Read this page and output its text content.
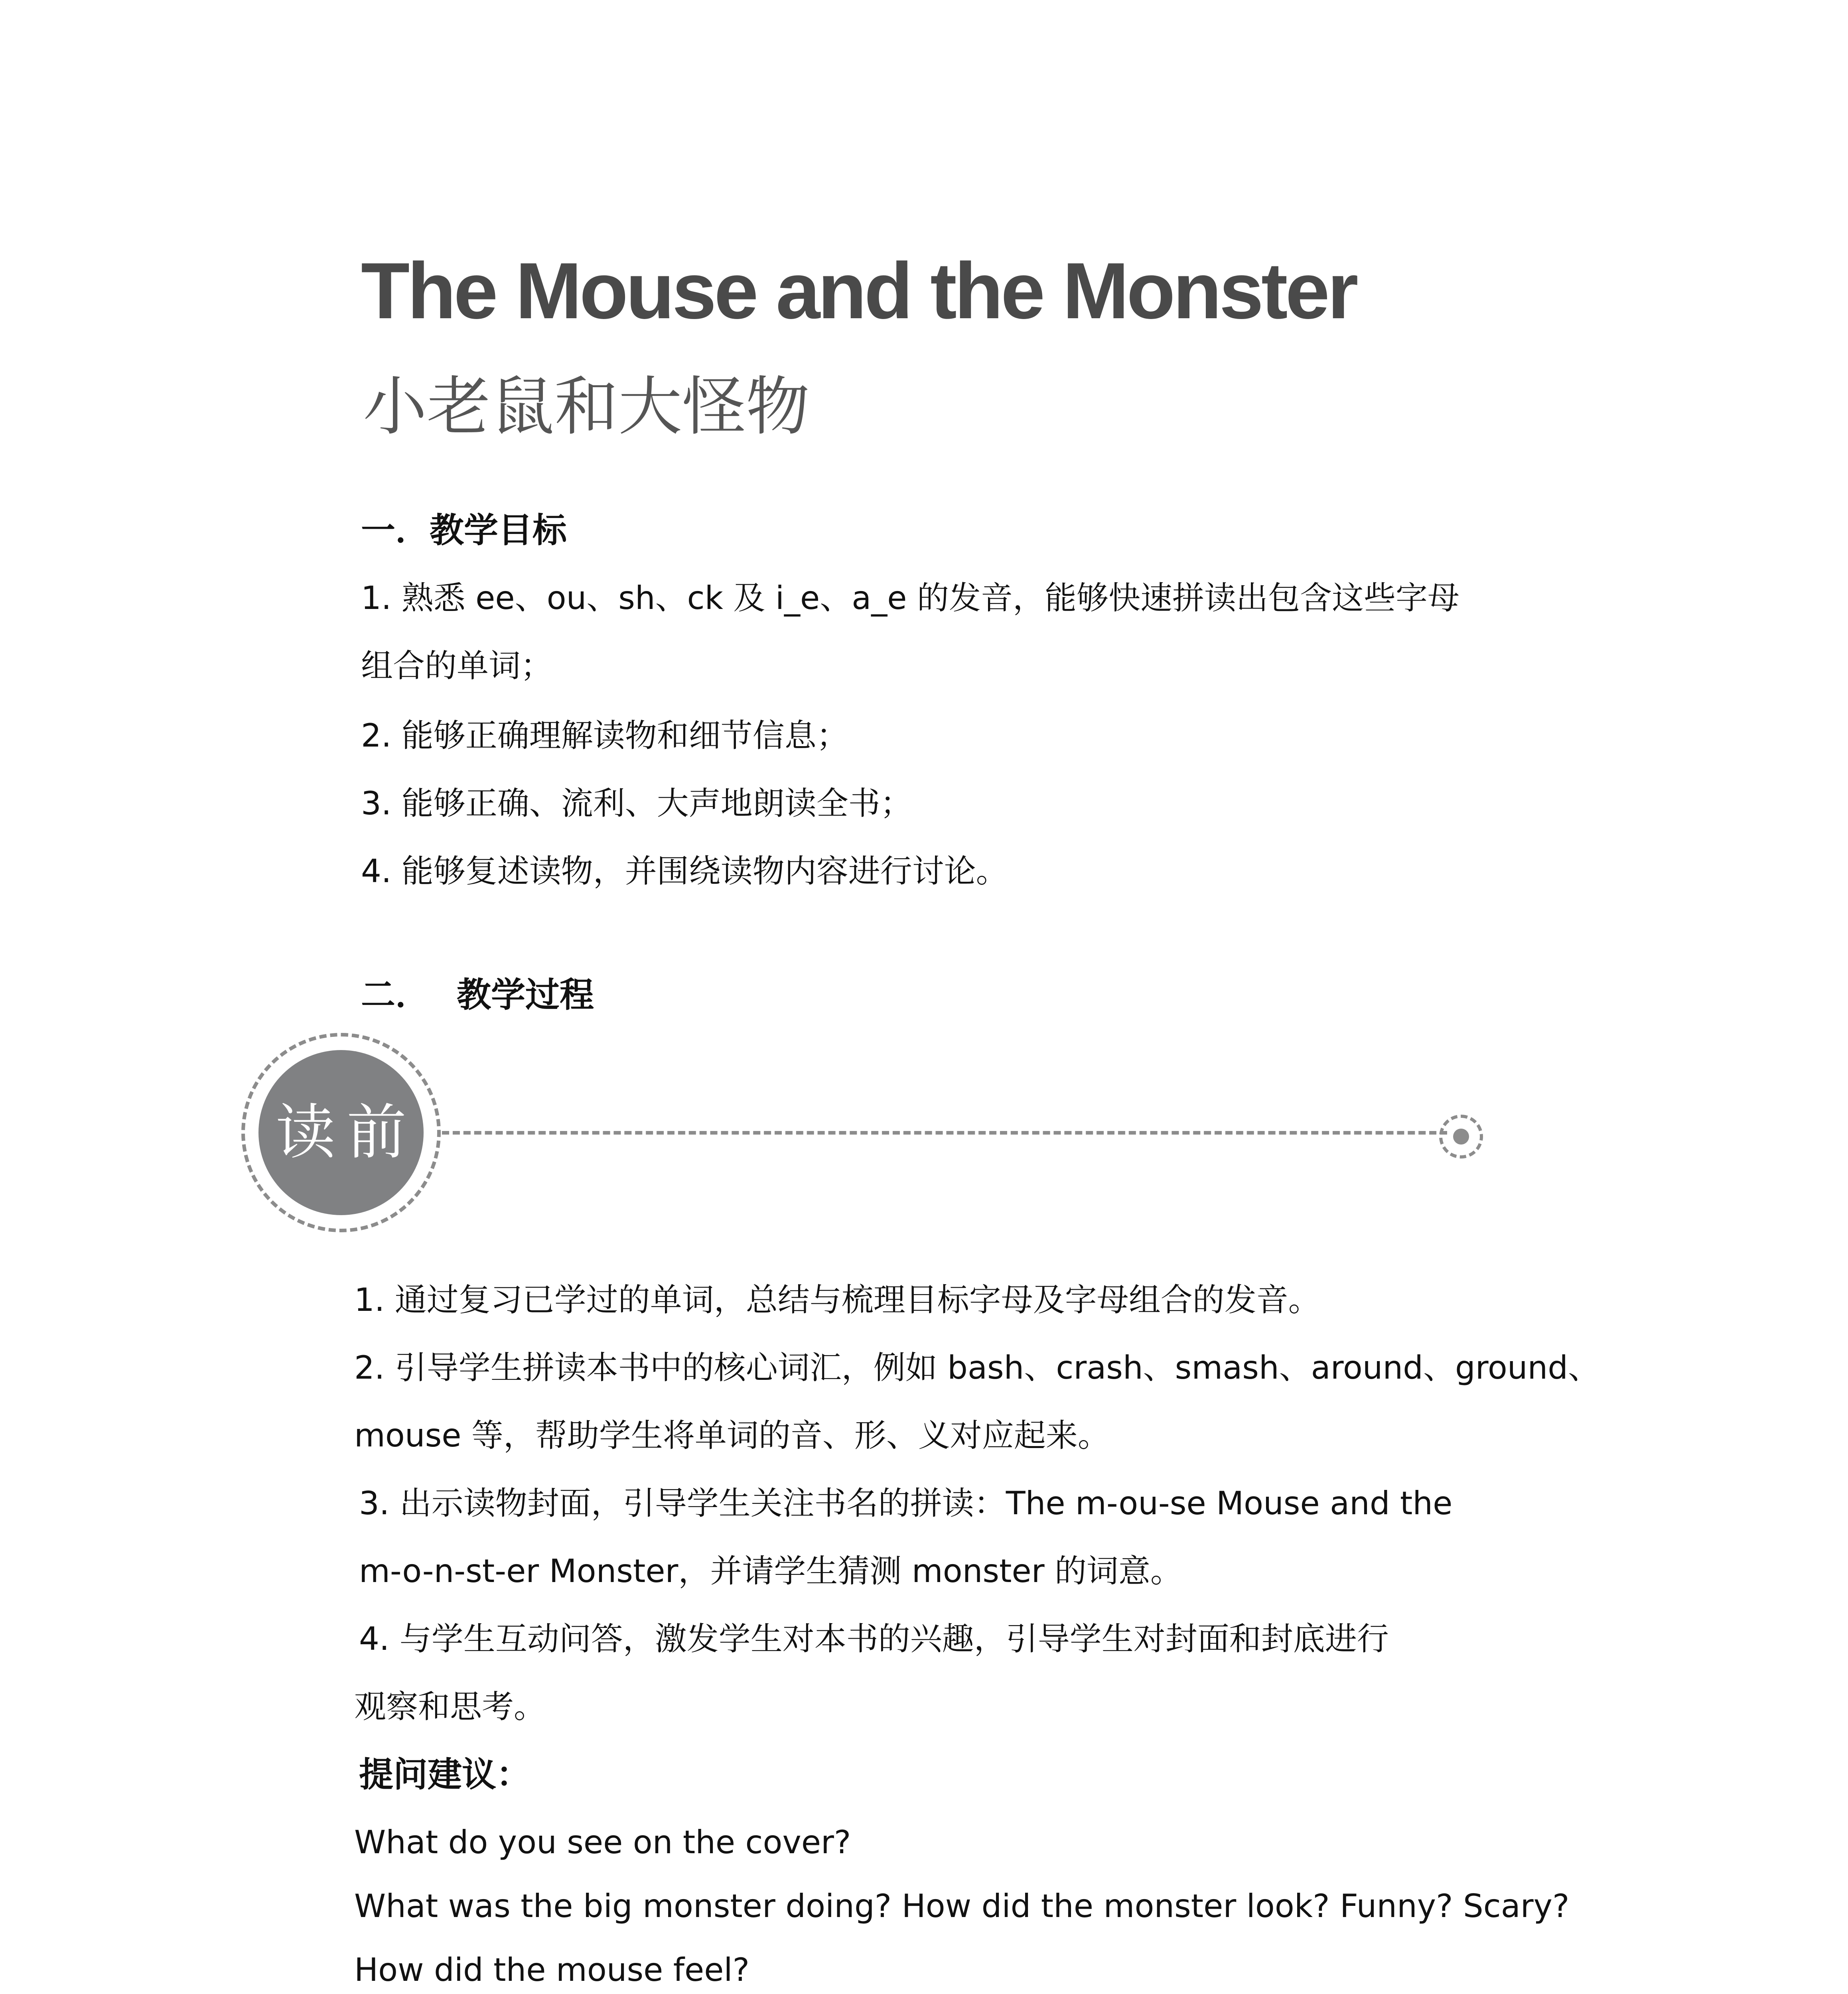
The Mouse and the Monster
小老鼠和大怪物
一．教学目标
1. 熟悉 ee、ou、sh、ck 及 i_e、a_e 的发音，能够快速拼读出包含这些字母
组合的单词；
2. 能够正确理解读物和细节信息；
3. 能够正确、流利、大声地朗读全书；
4. 能够复述读物，并围绕读物内容进行讨论。
二． 教学过程
读前
1. 通过复习已学过的单词，总结与梳理目标字母及字母组合的发音。
2. 引导学生拼读本书中的核心词汇，例如 bash、crash、smash、around、ground、
mouse 等，帮助学生将单词的音、形、义对应起来。
3. 出示读物封面，引导学生关注书名的拼读：The m-ou-se Mouse and the
m-o-n-st-er Monster，并请学生猜测 monster 的词意。
4. 与学生互动问答，激发学生对本书的兴趣，引导学生对封面和封底进行
观察和思考。
提问建议：
What do you see on the cover?
What was the big monster doing? How did the monster look? Funny? Scary?
How did the mouse feel?
